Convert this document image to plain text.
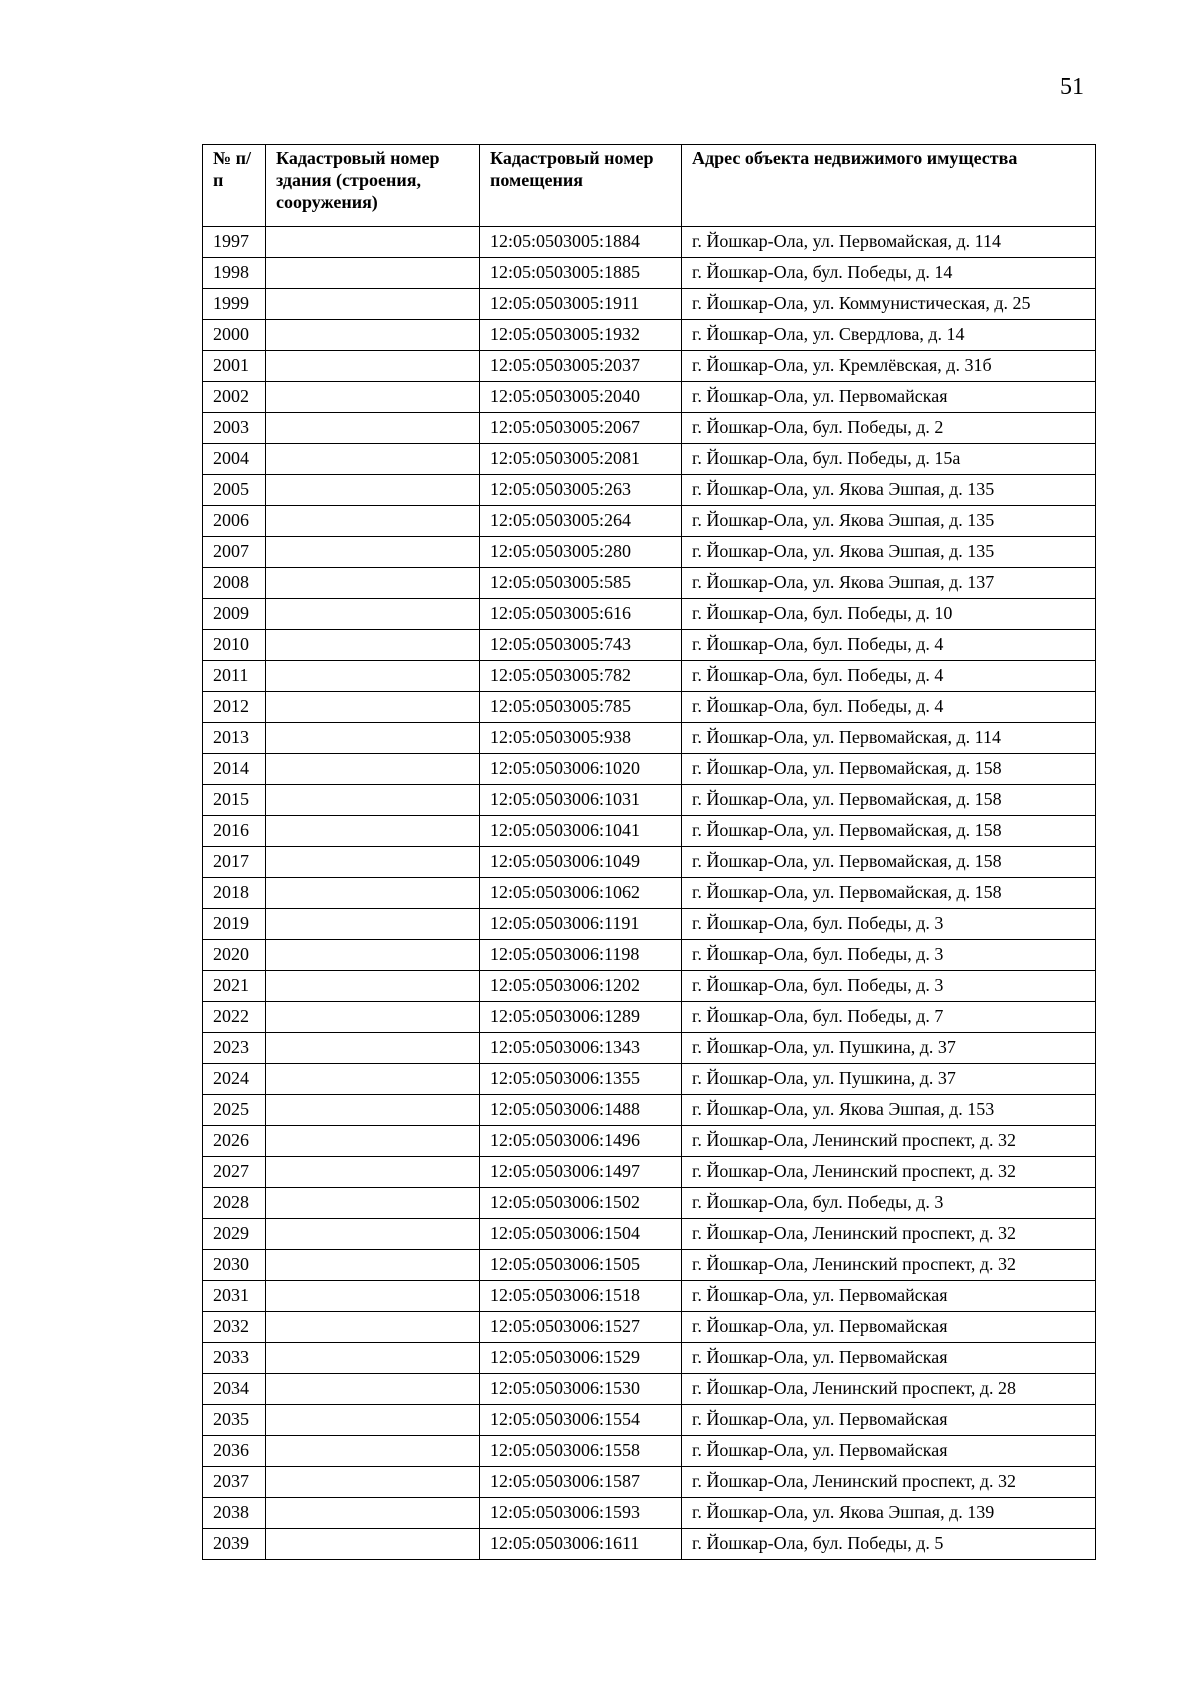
51
№ п/п	Кадастровый номер здания (строения, сооружения)	Кадастровый номер помещения	Адрес объекта недвижимого имущества
1997		12:05:0503005:1884	г. Йошкар-Ола, ул. Первомайская, д. 114
1998		12:05:0503005:1885	г. Йошкар-Ола, бул. Победы, д. 14
1999		12:05:0503005:1911	г. Йошкар-Ола, ул. Коммунистическая, д. 25
2000		12:05:0503005:1932	г. Йошкар-Ола, ул. Свердлова, д. 14
2001		12:05:0503005:2037	г. Йошкар-Ола, ул. Кремлёвская, д. 31б
2002		12:05:0503005:2040	г. Йошкар-Ола, ул. Первомайская
2003		12:05:0503005:2067	г. Йошкар-Ола, бул. Победы, д. 2
2004		12:05:0503005:2081	г. Йошкар-Ола, бул. Победы, д. 15а
2005		12:05:0503005:263	г. Йошкар-Ола, ул. Якова Эшпая, д. 135
2006		12:05:0503005:264	г. Йошкар-Ола, ул. Якова Эшпая, д. 135
2007		12:05:0503005:280	г. Йошкар-Ола, ул. Якова Эшпая, д. 135
2008		12:05:0503005:585	г. Йошкар-Ола, ул. Якова Эшпая, д. 137
2009		12:05:0503005:616	г. Йошкар-Ола, бул. Победы, д. 10
2010		12:05:0503005:743	г. Йошкар-Ола, бул. Победы, д. 4
2011		12:05:0503005:782	г. Йошкар-Ола, бул. Победы, д. 4
2012		12:05:0503005:785	г. Йошкар-Ола, бул. Победы, д. 4
2013		12:05:0503005:938	г. Йошкар-Ола, ул. Первомайская, д. 114
2014		12:05:0503006:1020	г. Йошкар-Ола, ул. Первомайская, д. 158
2015		12:05:0503006:1031	г. Йошкар-Ола, ул. Первомайская, д. 158
2016		12:05:0503006:1041	г. Йошкар-Ола, ул. Первомайская, д. 158
2017		12:05:0503006:1049	г. Йошкар-Ола, ул. Первомайская, д. 158
2018		12:05:0503006:1062	г. Йошкар-Ола, ул. Первомайская, д. 158
2019		12:05:0503006:1191	г. Йошкар-Ола, бул. Победы, д. 3
2020		12:05:0503006:1198	г. Йошкар-Ола, бул. Победы, д. 3
2021		12:05:0503006:1202	г. Йошкар-Ола, бул. Победы, д. 3
2022		12:05:0503006:1289	г. Йошкар-Ола, бул. Победы, д. 7
2023		12:05:0503006:1343	г. Йошкар-Ола, ул. Пушкина, д. 37
2024		12:05:0503006:1355	г. Йошкар-Ола, ул. Пушкина, д. 37
2025		12:05:0503006:1488	г. Йошкар-Ола, ул. Якова Эшпая, д. 153
2026		12:05:0503006:1496	г. Йошкар-Ола, Ленинский проспект, д. 32
2027		12:05:0503006:1497	г. Йошкар-Ола, Ленинский проспект, д. 32
2028		12:05:0503006:1502	г. Йошкар-Ола, бул. Победы, д. 3
2029		12:05:0503006:1504	г. Йошкар-Ола, Ленинский проспект, д. 32
2030		12:05:0503006:1505	г. Йошкар-Ола, Ленинский проспект, д. 32
2031		12:05:0503006:1518	г. Йошкар-Ола, ул. Первомайская
2032		12:05:0503006:1527	г. Йошкар-Ола, ул. Первомайская
2033		12:05:0503006:1529	г. Йошкар-Ола, ул. Первомайская
2034		12:05:0503006:1530	г. Йошкар-Ола, Ленинский проспект, д. 28
2035		12:05:0503006:1554	г. Йошкар-Ола, ул. Первомайская
2036		12:05:0503006:1558	г. Йошкар-Ола, ул. Первомайская
2037		12:05:0503006:1587	г. Йошкар-Ола, Ленинский проспект, д. 32
2038		12:05:0503006:1593	г. Йошкар-Ола, ул. Якова Эшпая, д. 139
2039		12:05:0503006:1611	г. Йошкар-Ола, бул. Победы, д. 5
